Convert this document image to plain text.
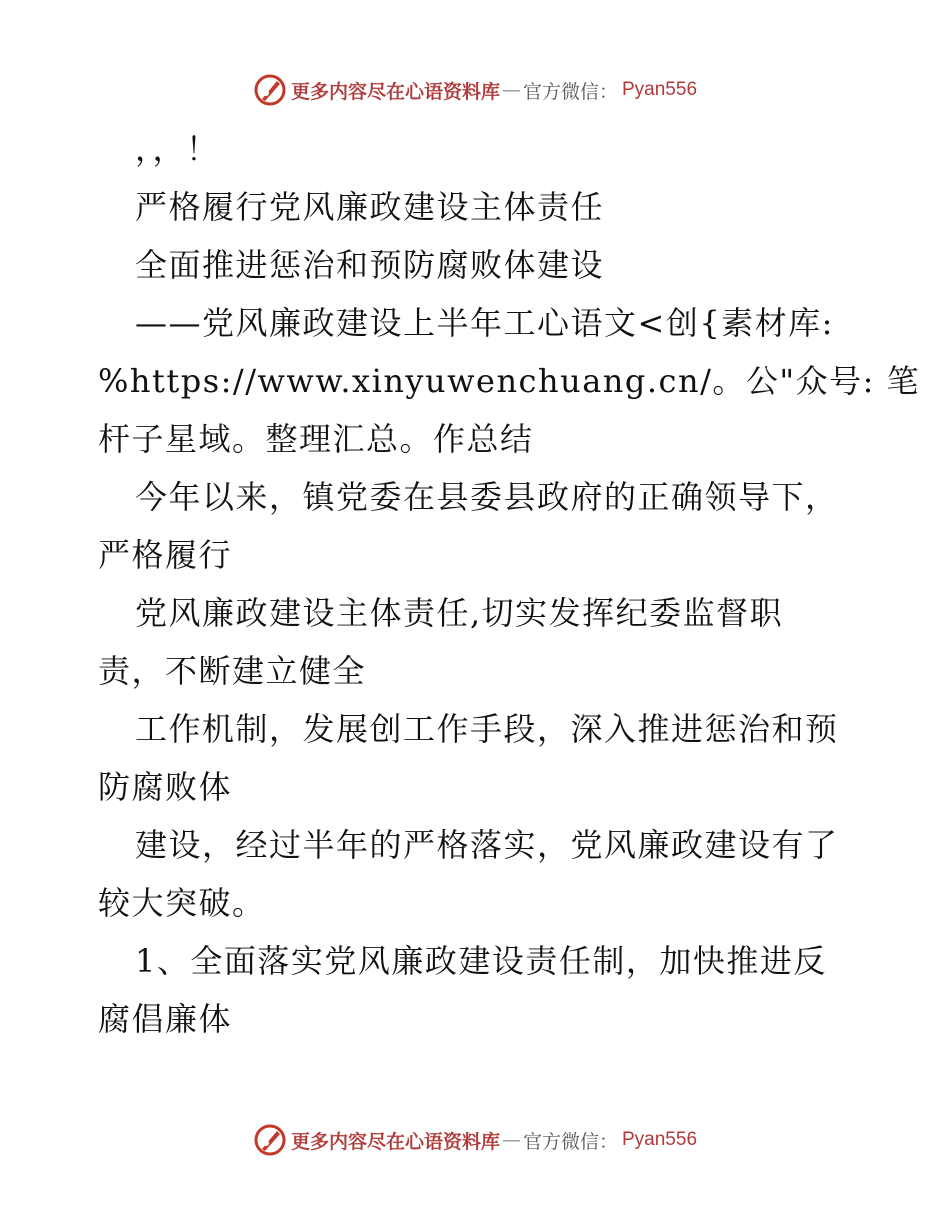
更多内容尽在心语资料库 — 官方微信： Pyan556
，，！
严格履行党风廉政建设主体责任
全面推进惩治和预防腐败体建设
——党风廉政建设上半年工心语文<创{素材库:
%https://www.xinyuwenchuang.cn/。公"众号: 笔
杆子星域。整理汇总。作总结
今年以来，镇党委在县委县政府的正确领导下，
严格履行
党风廉政建设主体责任,切实发挥纪委监督职
责，不断建立健全
工作机制，发展创工作手段，深入推进惩治和预
防腐败体
建设，经过半年的严格落实，党风廉政建设有了
较大突破。
1、全面落实党风廉政建设责任制，加快推进反
腐倡廉体
更多内容尽在心语资料库 — 官方微信： Pyan556
